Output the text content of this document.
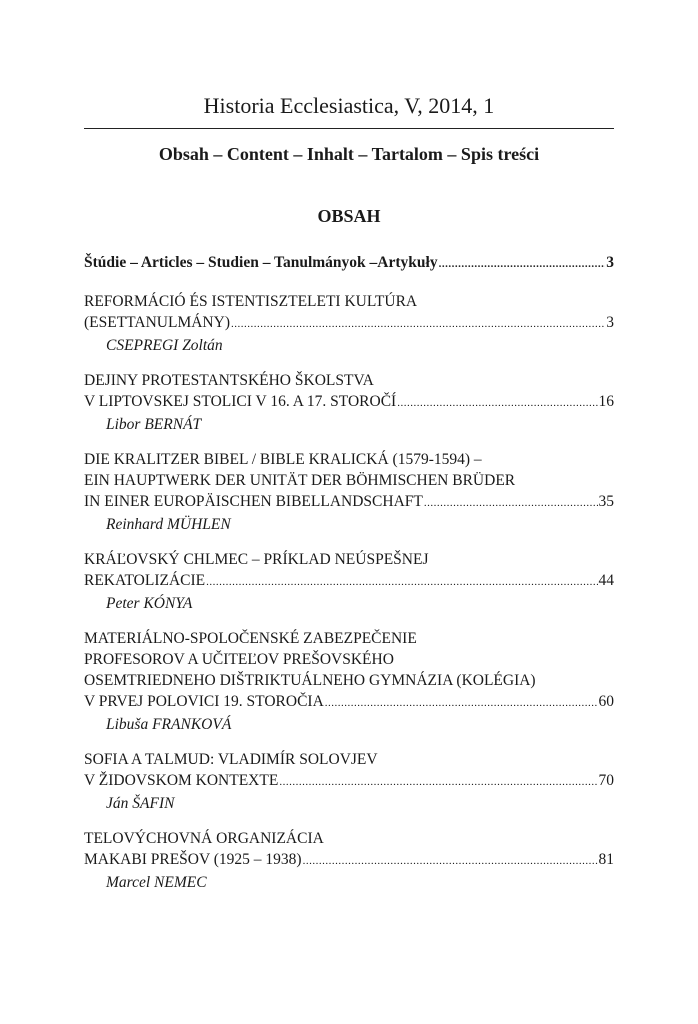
Historia Ecclesiastica, V, 2014, 1
Obsah – Content – Inhalt – Tartalom – Spis treści
OBSAH
Štúdie – Articles – Studien – Tanulmányok –Artykuły .....	3
REFORMÁCIÓ ÉS ISTENTISZTELETI KULTÚRA
(ESETTANULMÁNY) .....	3
CSEPREGI Zoltán
DEJINY PROTESTANTSKÉHO ŠKOLSTVA
V LIPTOVSKEJ STOLICI V 16. A 17. STOROČÍ .....	16
Libor BERNÁT
DIE KRALITZER BIBEL / BIBLE KRALICKÁ (1579-1594) –
EIN HAUPTWERK DER UNITÄT DER BÖHMISCHEN BRÜDER
IN EINER EUROPÄISCHEN BIBELLANDSCHAFT .....	35
Reinhard MÜHLEN
KRÁĽOVSKÝ CHLMEC – PRÍKLAD NEÚSPEŠNEJ
REKATOLIZÁCIE .....	44
Peter KÓNYA
MATERIÁLNO-SPOLOČENSKÉ ZABEZPEČENIE
PROFESOROV A UČITEĽOV PREŠOVSKÉHO
OSEMTRIEDNEHO DIŠTRIKTUÁLNEHO GYMNÁZIA (KOLÉGIA)
V PRVEJ POLOVICI 19. STOROČIA .....	60
Libuša FRANKOVÁ
SOFIA A TALMUD: VLADIMÍR SOLOVJEV
V ŽIDOVSKOM KONTEXTE .....	70
Ján ŠAFIN
TELOVÝCHOVNÁ ORGANIZÁCIA
MAKABI PREŠOV (1925 – 1938) .....	81
Marcel NEMEC
